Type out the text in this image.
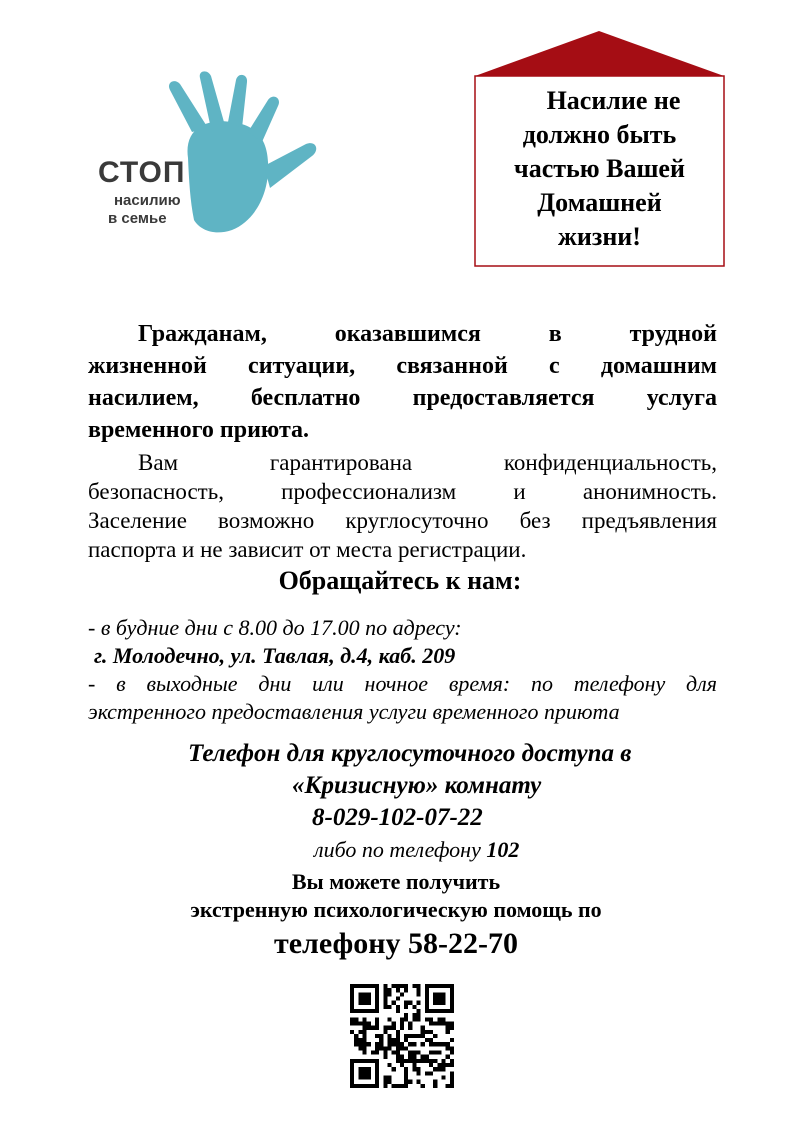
СТОП
насилию
в семье
Насилие не
должно быть
частью Вашей
Домашней
жизни!
Гражданам, оказавшимся в трудной
жизненной ситуации, связанной с домашним
насилием, бесплатно предоставляется услуга
временного приюта.
Вам гарантирована конфиденциальность,
безопасность, профессионализм и анонимность.
Заселение возможно круглосуточно без предъявления
паспорта и не зависит от места регистрации.
Обращайтесь к нам:
- в будние дни с 8.00 до 17.00 по адресу:
г. Молодечно, ул. Тавлая, д.4, каб. 209
- в выходные дни или ночное время: по телефону для
экстренного предоставления услуги временного приюта
Телефон для круглосуточного доступа в
«Кризисную» комнату
8-029-102-07-22
либо по телефону 102
Вы можете получить
экстренную психологическую помощь по
телефону 58-22-70
